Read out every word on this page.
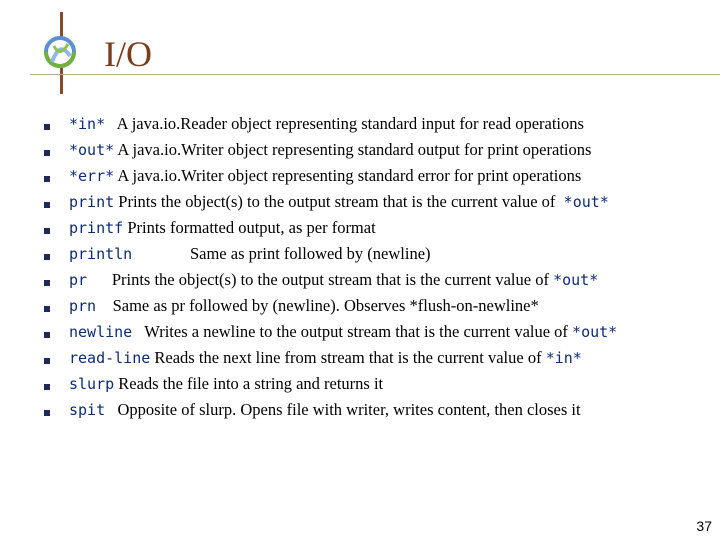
I/O
*in* A java.io.Reader object representing standard input for read operations
*out* A java.io.Writer object representing standard output for print operations
*err* A java.io.Writer object representing standard error for print operations
print Prints the object(s) to the output stream that is the current value of  *out*
printf Prints formatted output, as per format
println	Same as print followed by (newline)
pr Prints the object(s) to the output stream that is the current value of *out*
prn Same as pr followed by (newline). Observes *flush-on-newline*
newline Writes a newline to the output stream that is the current value of *out*
read-line Reads the next line from stream that is the current value of *in*
slurp Reads the file into a string and returns it
spit Opposite of slurp. Opens file with writer, writes content, then closes it
37
